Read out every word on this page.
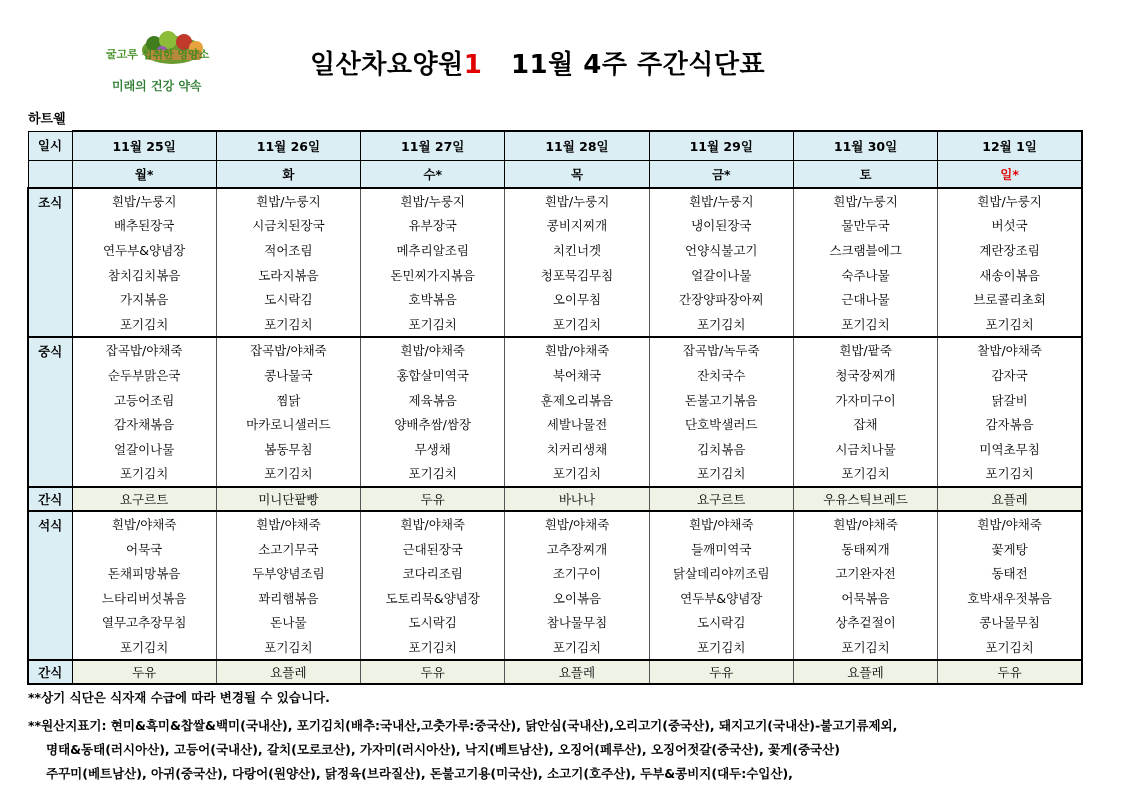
굴고루 섭취한 영양소
미래의 건강 약속
일산차요양원1 11월 4주 주간식단표
하트웰
일시	11월 25일	11월 26일	11월 27일	11월 28일	11월 29일	11월 30일	12월 1일
	월*	화	수*	목	금*	토	일*
조식	흰밥/누룽지	흰밥/누룽지	흰밥/누룽지	흰밥/누룽지	흰밥/누룽지	흰밥/누룽지	흰밥/누룽지
	배추된장국	시금치된장국	유부장국	콩비지찌개	냉이된장국	물만두국	버섯국
	연두부&양념장	적어조림	메추리알조림	치킨너겟	언양식불고기	스크램블에그	계란장조림
	참치김치볶음	도라지볶음	돈민찌가지볶음	청포묵김무침	얼갈이나물	숙주나물	새송이볶음
	가지볶음	도시락김	호박볶음	오이무침	간장양파장아찌	근대나물	브로콜리초회
	포기김치	포기김치	포기김치	포기김치	포기김치	포기김치	포기김치
중식	잡곡밥/야채죽	잡곡밥/야채죽	흰밥/야채죽	흰밥/야채죽	잡곡밥/녹두죽	흰밥/팥죽	찰밥/야채죽
	순두부맑은국	콩나물국	홍합살미역국	북어채국	잔치국수	청국장찌개	감자국
	고등어조림	찜닭	제육볶음	훈제오리볶음	돈불고기볶음	가자미구이	닭갈비
	감자채볶음	마카로니샐러드	양배추쌈/쌈장	세발나물전	단호박샐러드	잡채	감자볶음
	얼갈이나물	봄동무침	무생채	치커리생채	김치볶음	시금치나물	미역초무침
	포기김치	포기김치	포기김치	포기김치	포기김치	포기김치	포기김치
간식	요구르트	미니단팥빵	두유	바나나	요구르트	우유스틱브레드	요플레
석식	흰밥/야채죽	흰밥/야채죽	흰밥/야채죽	흰밥/야채죽	흰밥/야채죽	흰밥/야채죽	흰밥/야채죽
	어묵국	소고기무국	근대된장국	고추장찌개	들깨미역국	동태찌개	꽃게탕
	돈채피망볶음	두부양념조림	코다리조림	조기구이	닭살데리야끼조림	고기완자전	동태전
	느타리버섯볶음	꽈리햄볶음	도토리묵&양념장	오이볶음	연두부&양념장	어묵볶음	호박새우젓볶음
	열무고추장무침	돈나물	도시락김	참나물무침	도시락김	상추겉절이	콩나물무침
	포기김치	포기김치	포기김치	포기김치	포기김치	포기김치	포기김치
간식	두유	요플레	두유	요플레	두유	요플레	두유
**상기 식단은 식자재 수급에 따라 변경될 수 있습니다.
**원산지표기: 현미&흑미&찹쌀&백미(국내산), 포기김치(배추:국내산,고춧가루:중국산), 닭안심(국내산),오리고기(중국산), 돼지고기(국내산)-불고기류제외,
명태&동태(러시아산), 고등어(국내산), 갈치(모로코산), 가자미(러시아산), 낙지(베트남산), 오징어(페루산), 오징어젓갈(중국산), 꽃게(중국산)
주꾸미(베트남산), 아귀(중국산), 다랑어(원양산), 닭정육(브라질산), 돈불고기용(미국산), 소고기(호주산), 두부&콩비지(대두:수입산),
